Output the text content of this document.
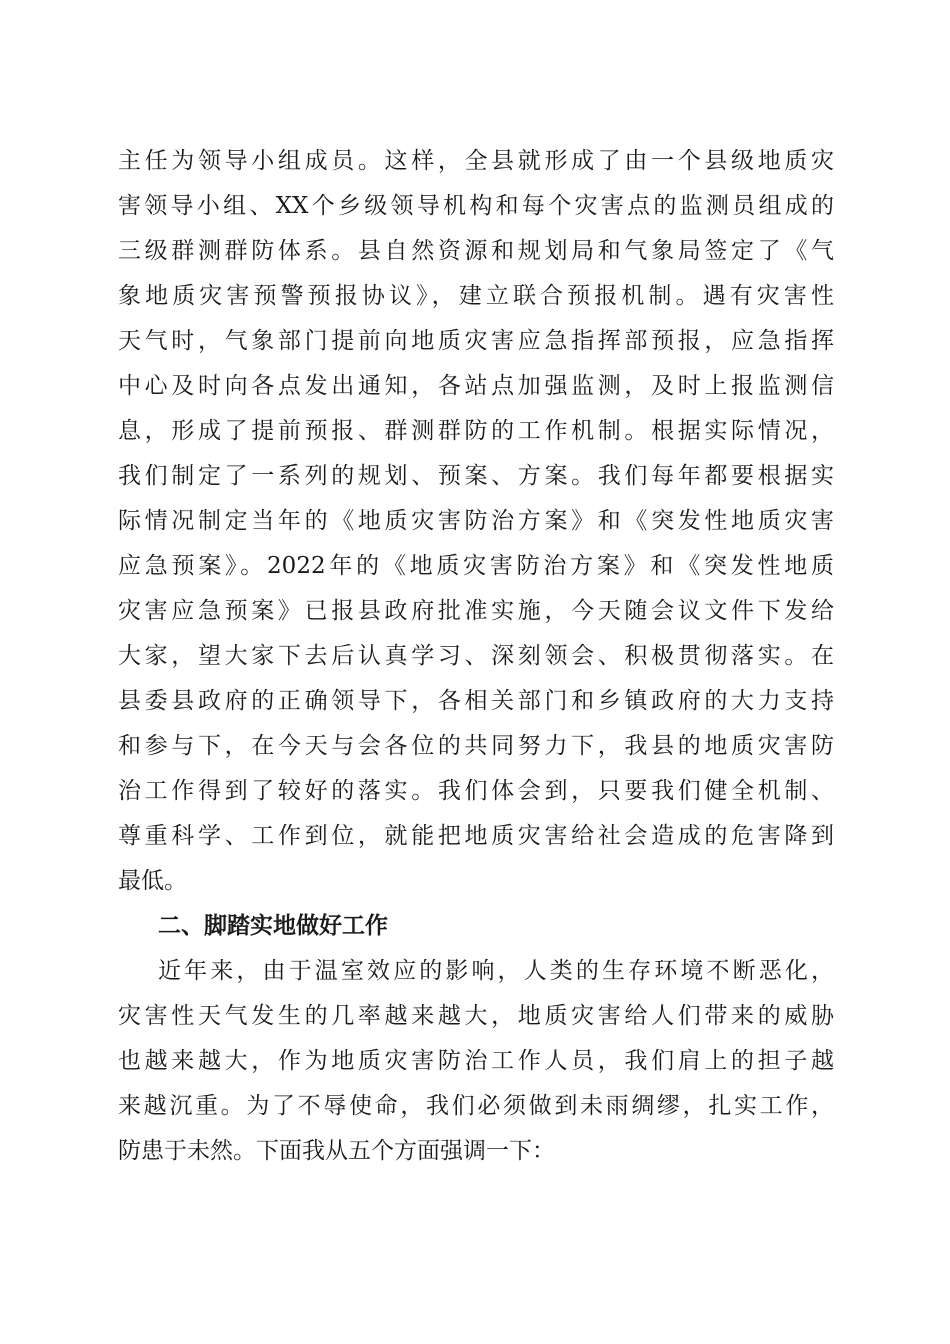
主任为领导小组成员。这样，全县就形成了由一个县级地质灾
害领导小组、XX个乡级领导机构和每个灾害点的监测员组成的
三级群测群防体系。县自然资源和规划局和气象局签定了《气
象地质灾害预警预报协议》，建立联合预报机制。遇有灾害性
天气时，气象部门提前向地质灾害应急指挥部预报，应急指挥
中心及时向各点发出通知，各站点加强监测，及时上报监测信
息，形成了提前预报、群测群防的工作机制。根据实际情况，
我们制定了一系列的规划、预案、方案。我们每年都要根据实
际情况制定当年的《地质灾害防治方案》和《突发性地质灾害
应急预案》。2022年的《地质灾害防治方案》和《突发性地质
灾害应急预案》已报县政府批准实施，今天随会议文件下发给
大家，望大家下去后认真学习、深刻领会、积极贯彻落实。在
县委县政府的正确领导下，各相关部门和乡镇政府的大力支持
和参与下，在今天与会各位的共同努力下，我县的地质灾害防
治工作得到了较好的落实。我们体会到，只要我们健全机制、
尊重科学、工作到位，就能把地质灾害给社会造成的危害降到
最低。
二、脚踏实地做好工作
近年来，由于温室效应的影响，人类的生存环境不断恶化，
灾害性天气发生的几率越来越大，地质灾害给人们带来的威胁
也越来越大，作为地质灾害防治工作人员，我们肩上的担子越
来越沉重。为了不辱使命，我们必须做到未雨绸缪，扎实工作，
防患于未然。下面我从五个方面强调一下：
